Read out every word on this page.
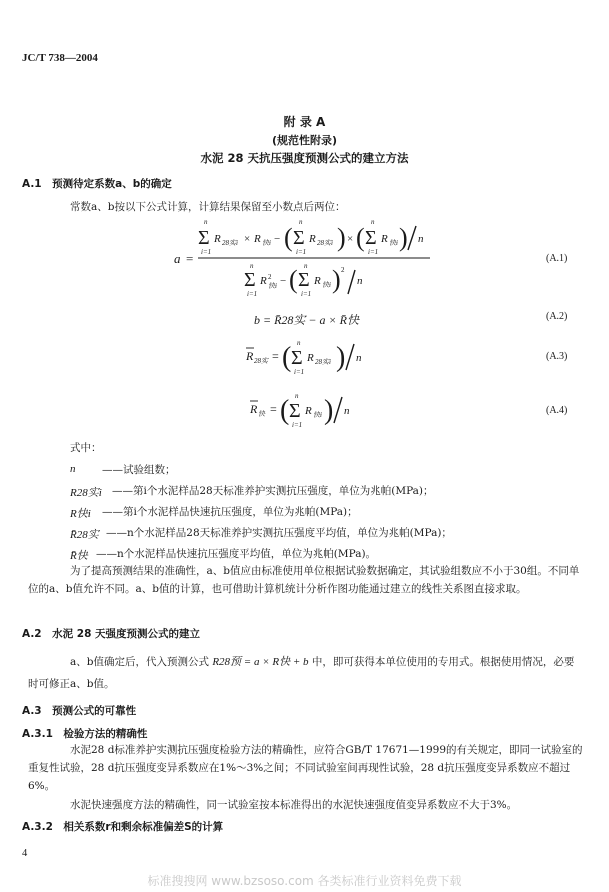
JC/T 738—2004
附 录 A
(规范性附录)
水泥 28 天抗压强度预测公式的建立方法
A.1　预测待定系数a、b的确定
常数a、b按以下公式计算，计算结果保留至小数点后两位：
a =
Σ
n
i=1
R 28实i × R 快i − ( Σ
n
i=1
R 28实i ) × ( Σ
n
i=1
R 快i ) n
Σ
n
i=1
R 2
快i − ( Σ
n
i=1
R 快i ) 2
n
(A.1)
b = R̄28实 − a × R̄快	(A.2)
R 28实 = ( Σ
n
i=1
R 28实i ) n	(A.3)
R 快 = ( Σ
n
i=1
R 快i ) n	(A.4)
式中：
n	——试验组数；
R28实i ——第i个水泥样品28天标准养护实测抗压强度，单位为兆帕(MPa)；
R快i ——第i个水泥样品快速抗压强度，单位为兆帕(MPa)；
R̄28实 ——n个水泥样品28天标准养护实测抗压强度平均值，单位为兆帕(MPa)；
R̄快 ——n个水泥样品快速抗压强度平均值，单位为兆帕(MPa)。
为了提高预测结果的准确性，a、b值应由标准使用单位根据试验数据确定，其试验组数应不小于30组。不同单位的a、b值允许不同。a、b值的计算，也可借助计算机统计分析作图功能通过建立的线性关系图直接求取。
A.2　水泥 28 天强度预测公式的建立
a、b值确定后，代入预测公式 R28预 = a × R快 + b 中，即可获得本单位使用的专用式。根据使用情况，必要时可修正a、b值。
A.3　预测公式的可靠性
A.3.1　检验方法的精确性
水泥28 d标准养护实测抗压强度检验方法的精确性，应符合GB/T 17671—1999的有关规定，即同一试验室的重复性试验，28 d抗压强度变异系数应在1%～3%之间；不同试验室间再现性试验，28 d抗压强度变异系数应不超过6%。
水泥快速强度方法的精确性，同一试验室按本标准得出的水泥快速强度值变异系数应不大于3%。
A.3.2　相关系数r和剩余标准偏差S的计算
4
标准搜搜网 www.bzsoso.com 各类标准行业资料免费下载
